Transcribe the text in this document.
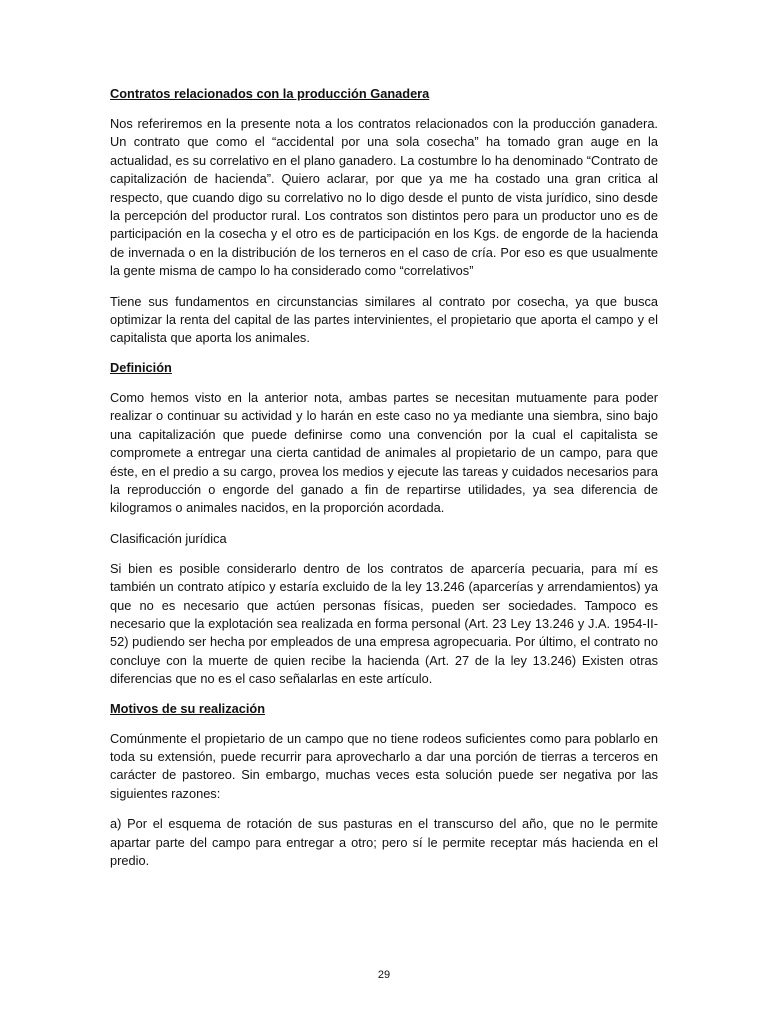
Contratos relacionados con la producción Ganadera

Nos referiremos en la presente nota a los contratos relacionados con la producción ganadera. Un contrato que como el “accidental por una sola cosecha” ha tomado gran auge en la actualidad, es su correlativo en el plano ganadero. La costumbre lo ha denominado “Contrato de capitalización de hacienda”. Quiero aclarar, por que ya me ha costado una gran critica al respecto, que cuando digo su correlativo no lo digo desde el punto de vista jurídico, sino desde la percepción del productor rural. Los contratos son distintos pero para un productor uno es de participación en la cosecha y el otro es de participación en los Kgs. de engorde de la hacienda de invernada o en la distribución de los terneros en el caso de cría. Por eso es que usualmente la gente misma de campo lo ha considerado como “correlativos”

Tiene sus fundamentos en circunstancias similares al contrato por cosecha, ya que busca optimizar la renta del capital de las partes intervinientes, el propietario que aporta el campo y el capitalista que aporta los animales.

Definición

Como hemos visto en la anterior nota, ambas partes se necesitan mutuamente para poder realizar o continuar su actividad y lo harán en este caso no ya mediante una siembra, sino bajo una capitalización que puede definirse como una convención por la cual el capitalista se compromete a entregar una cierta cantidad de animales al propietario de un campo, para que éste, en el predio a su cargo, provea los medios y ejecute las tareas y cuidados necesarios para la reproducción o engorde del ganado a fin de repartirse utilidades, ya sea diferencia de kilogramos o animales nacidos, en la proporción acordada.

Clasificación jurídica

Si bien es posible considerarlo dentro de los contratos de aparcería pecuaria, para mí es también un contrato atípico y estaría excluido de la ley 13.246 (aparcerías y arrendamientos) ya que no es necesario que actúen personas físicas, pueden ser sociedades. Tampoco es necesario que la explotación sea realizada en forma personal (Art. 23 Ley 13.246 y J.A. 1954-II-52) pudiendo ser hecha por empleados de una empresa agropecuaria. Por último, el contrato no concluye con la muerte de quien recibe la hacienda (Art. 27 de la ley 13.246) Existen otras diferencias que no es el caso señalarlas en este artículo.

Motivos de su realización

Comúnmente el propietario de un campo que no tiene rodeos suficientes como para poblarlo en toda su extensión, puede recurrir para aprovecharlo a dar una porción de tierras a terceros en carácter de pastoreo. Sin embargo, muchas veces esta solución puede ser negativa por las siguientes razones:

a) Por el esquema de rotación de sus pasturas en el transcurso del año, que no le permite apartar parte del campo para entregar a otro; pero sí le permite receptar más hacienda en el predio.

29
